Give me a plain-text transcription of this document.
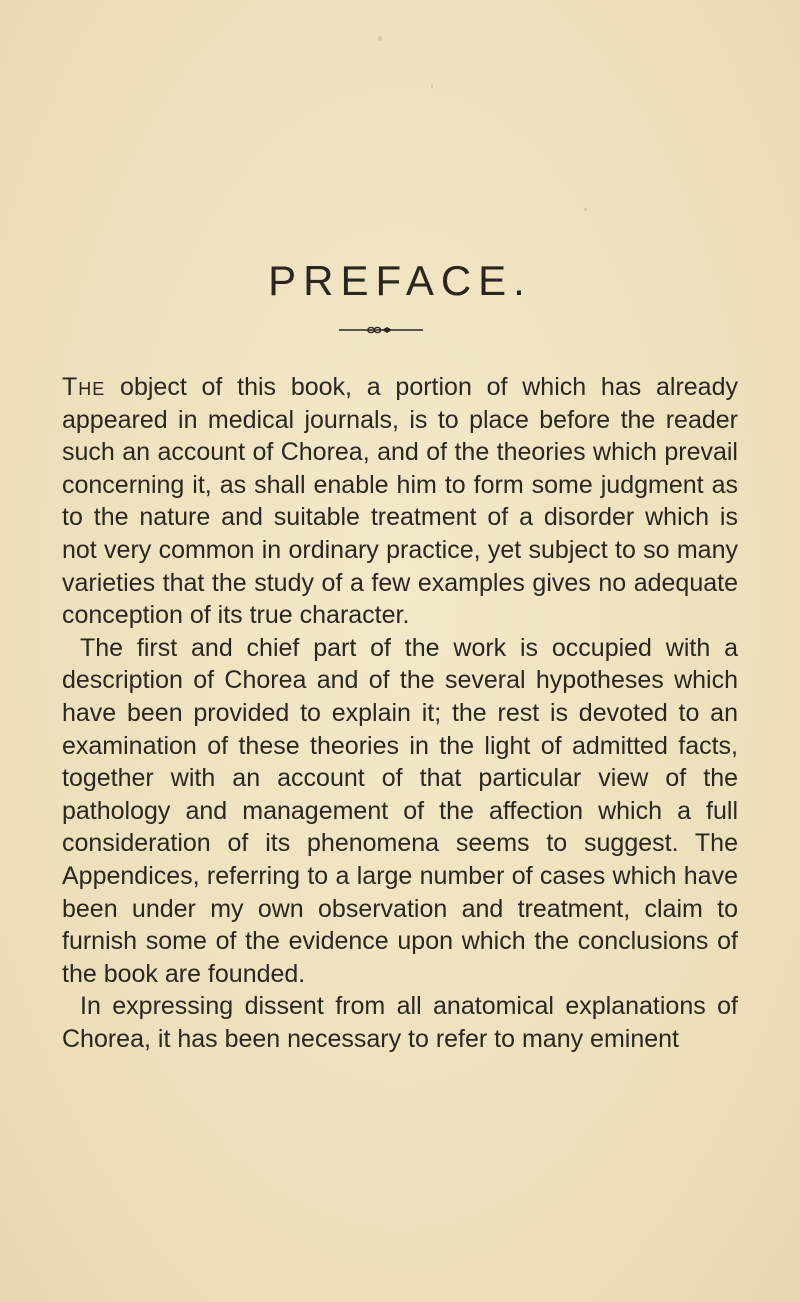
PREFACE.

The object of this book, a portion of which has already appeared in medical journals, is to place before the reader such an account of Chorea, and of the theories which prevail concerning it, as shall enable him to form some judgment as to the nature and suitable treatment of a disorder which is not very common in ordinary practice, yet subject to so many varieties that the study of a few examples gives no adequate conception of its true character.

The first and chief part of the work is occupied with a description of Chorea and of the several hypotheses which have been provided to explain it; the rest is devoted to an examination of these theories in the light of admitted facts, together with an account of that particular view of the pathology and management of the affection which a full consideration of its phenomena seems to suggest. The Appendices, referring to a large number of cases which have been under my own observation and treatment, claim to furnish some of the evidence upon which the conclusions of the book are founded.

In expressing dissent from all anatomical explanations of Chorea, it has been necessary to refer to many eminent
